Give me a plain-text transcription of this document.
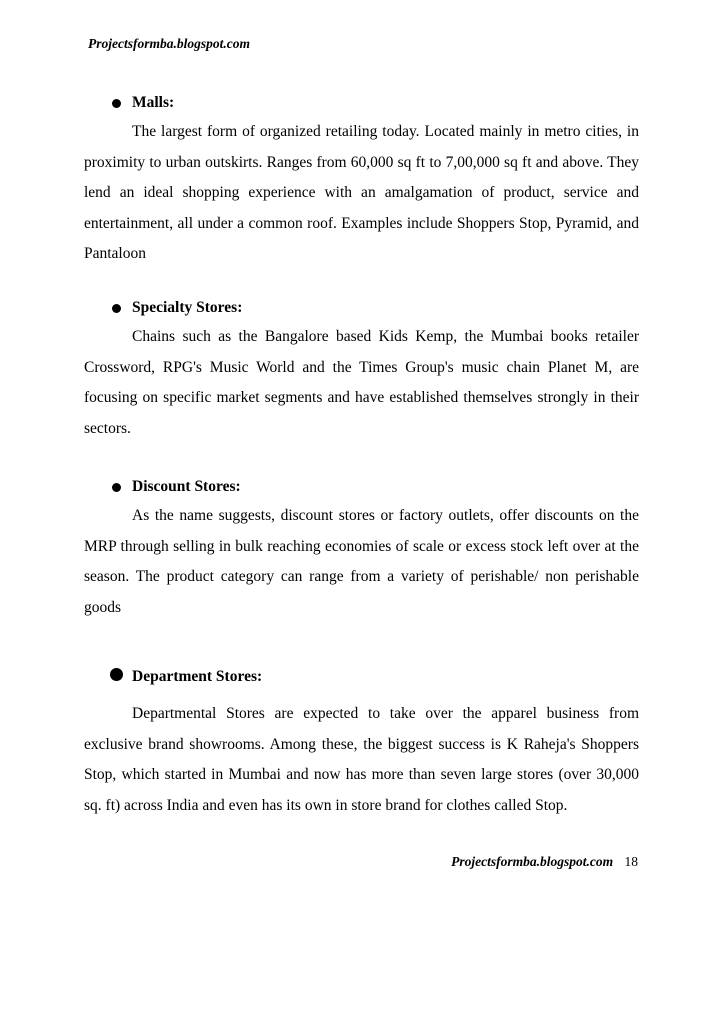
Projectsformba.blogspot.com
Malls:

The largest form of organized retailing today. Located mainly in metro cities, in proximity to urban outskirts. Ranges from 60,000 sq ft to 7,00,000 sq ft and above. They lend an ideal shopping experience with an amalgamation of product, service and entertainment, all under a common roof. Examples include Shoppers Stop, Pyramid, and Pantaloon

Specialty Stores:

Chains such as the Bangalore based Kids Kemp, the Mumbai books retailer Crossword, RPG's Music World and the Times Group's music chain Planet M, are focusing on specific market segments and have established themselves strongly in their sectors.

Discount Stores:

As the name suggests, discount stores or factory outlets, offer discounts on the MRP through selling in bulk reaching economies of scale or excess stock left over at the season. The product category can range from a variety of perishable/ non perishable goods

Department Stores:

Departmental Stores are expected to take over the apparel business from exclusive brand showrooms. Among these, the biggest success is K Raheja's Shoppers Stop, which started in Mumbai and now has more than seven large stores (over 30,000 sq. ft) across India and even has its own in store brand for clothes called Stop.

Projectsformba.blogspot.com 18
